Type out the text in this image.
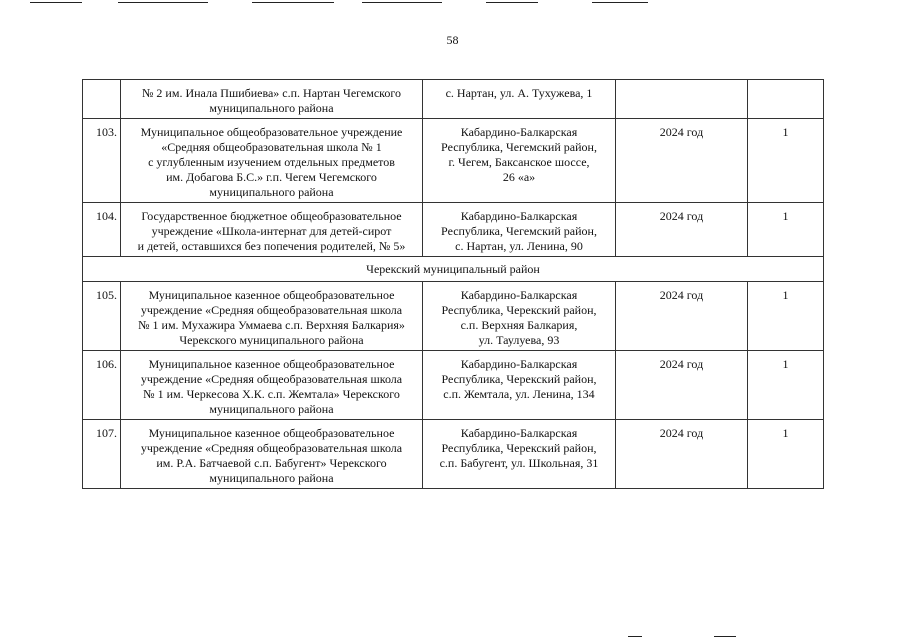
58
	№ 2 им. Инала Пшибиева» с.п. Нартан Чегемского
муниципального района	с. Нартан, ул. А. Тухужева, 1		
103.	Муниципальное общеобразовательное учреждение
«Средняя общеобразовательная школа № 1
с углубленным изучением отдельных предметов
им. Добагова Б.С.» г.п. Чегем Чегемского
муниципального района	Кабардино-Балкарская
Республика, Чегемский район,
г. Чегем, Баксанское шоссе,
26 «а»	2024 год	1
104.	Государственное бюджетное общеобразовательное
учреждение «Школа-интернат для детей-сирот
и детей, оставшихся без попечения родителей, № 5»	Кабардино-Балкарская
Республика, Чегемский район,
с. Нартан, ул. Ленина, 90	2024 год	1
Черекский муниципальный район				
105.	Муниципальное казенное общеобразовательное
учреждение «Средняя общеобразовательная школа
№ 1 им. Мухажира Уммаева с.п. Верхняя Балкария»
Черекского муниципального района	Кабардино-Балкарская
Республика, Черекский район,
с.п. Верхняя Балкария,
ул. Таулуева, 93	2024 год	1
106.	Муниципальное казенное общеобразовательное
учреждение «Средняя общеобразовательная школа
№ 1 им. Черкесова Х.К. с.п. Жемтала» Черекского
муниципального района	Кабардино-Балкарская
Республика, Черекский район,
с.п. Жемтала, ул. Ленина, 134	2024 год	1
107.	Муниципальное казенное общеобразовательное
учреждение «Средняя общеобразовательная школа
им. Р.А. Батчаевой с.п. Бабугент» Черекского
муниципального района	Кабардино-Балкарская
Республика, Черекский район,
с.п. Бабугент, ул. Школьная, 31	2024 год	1
